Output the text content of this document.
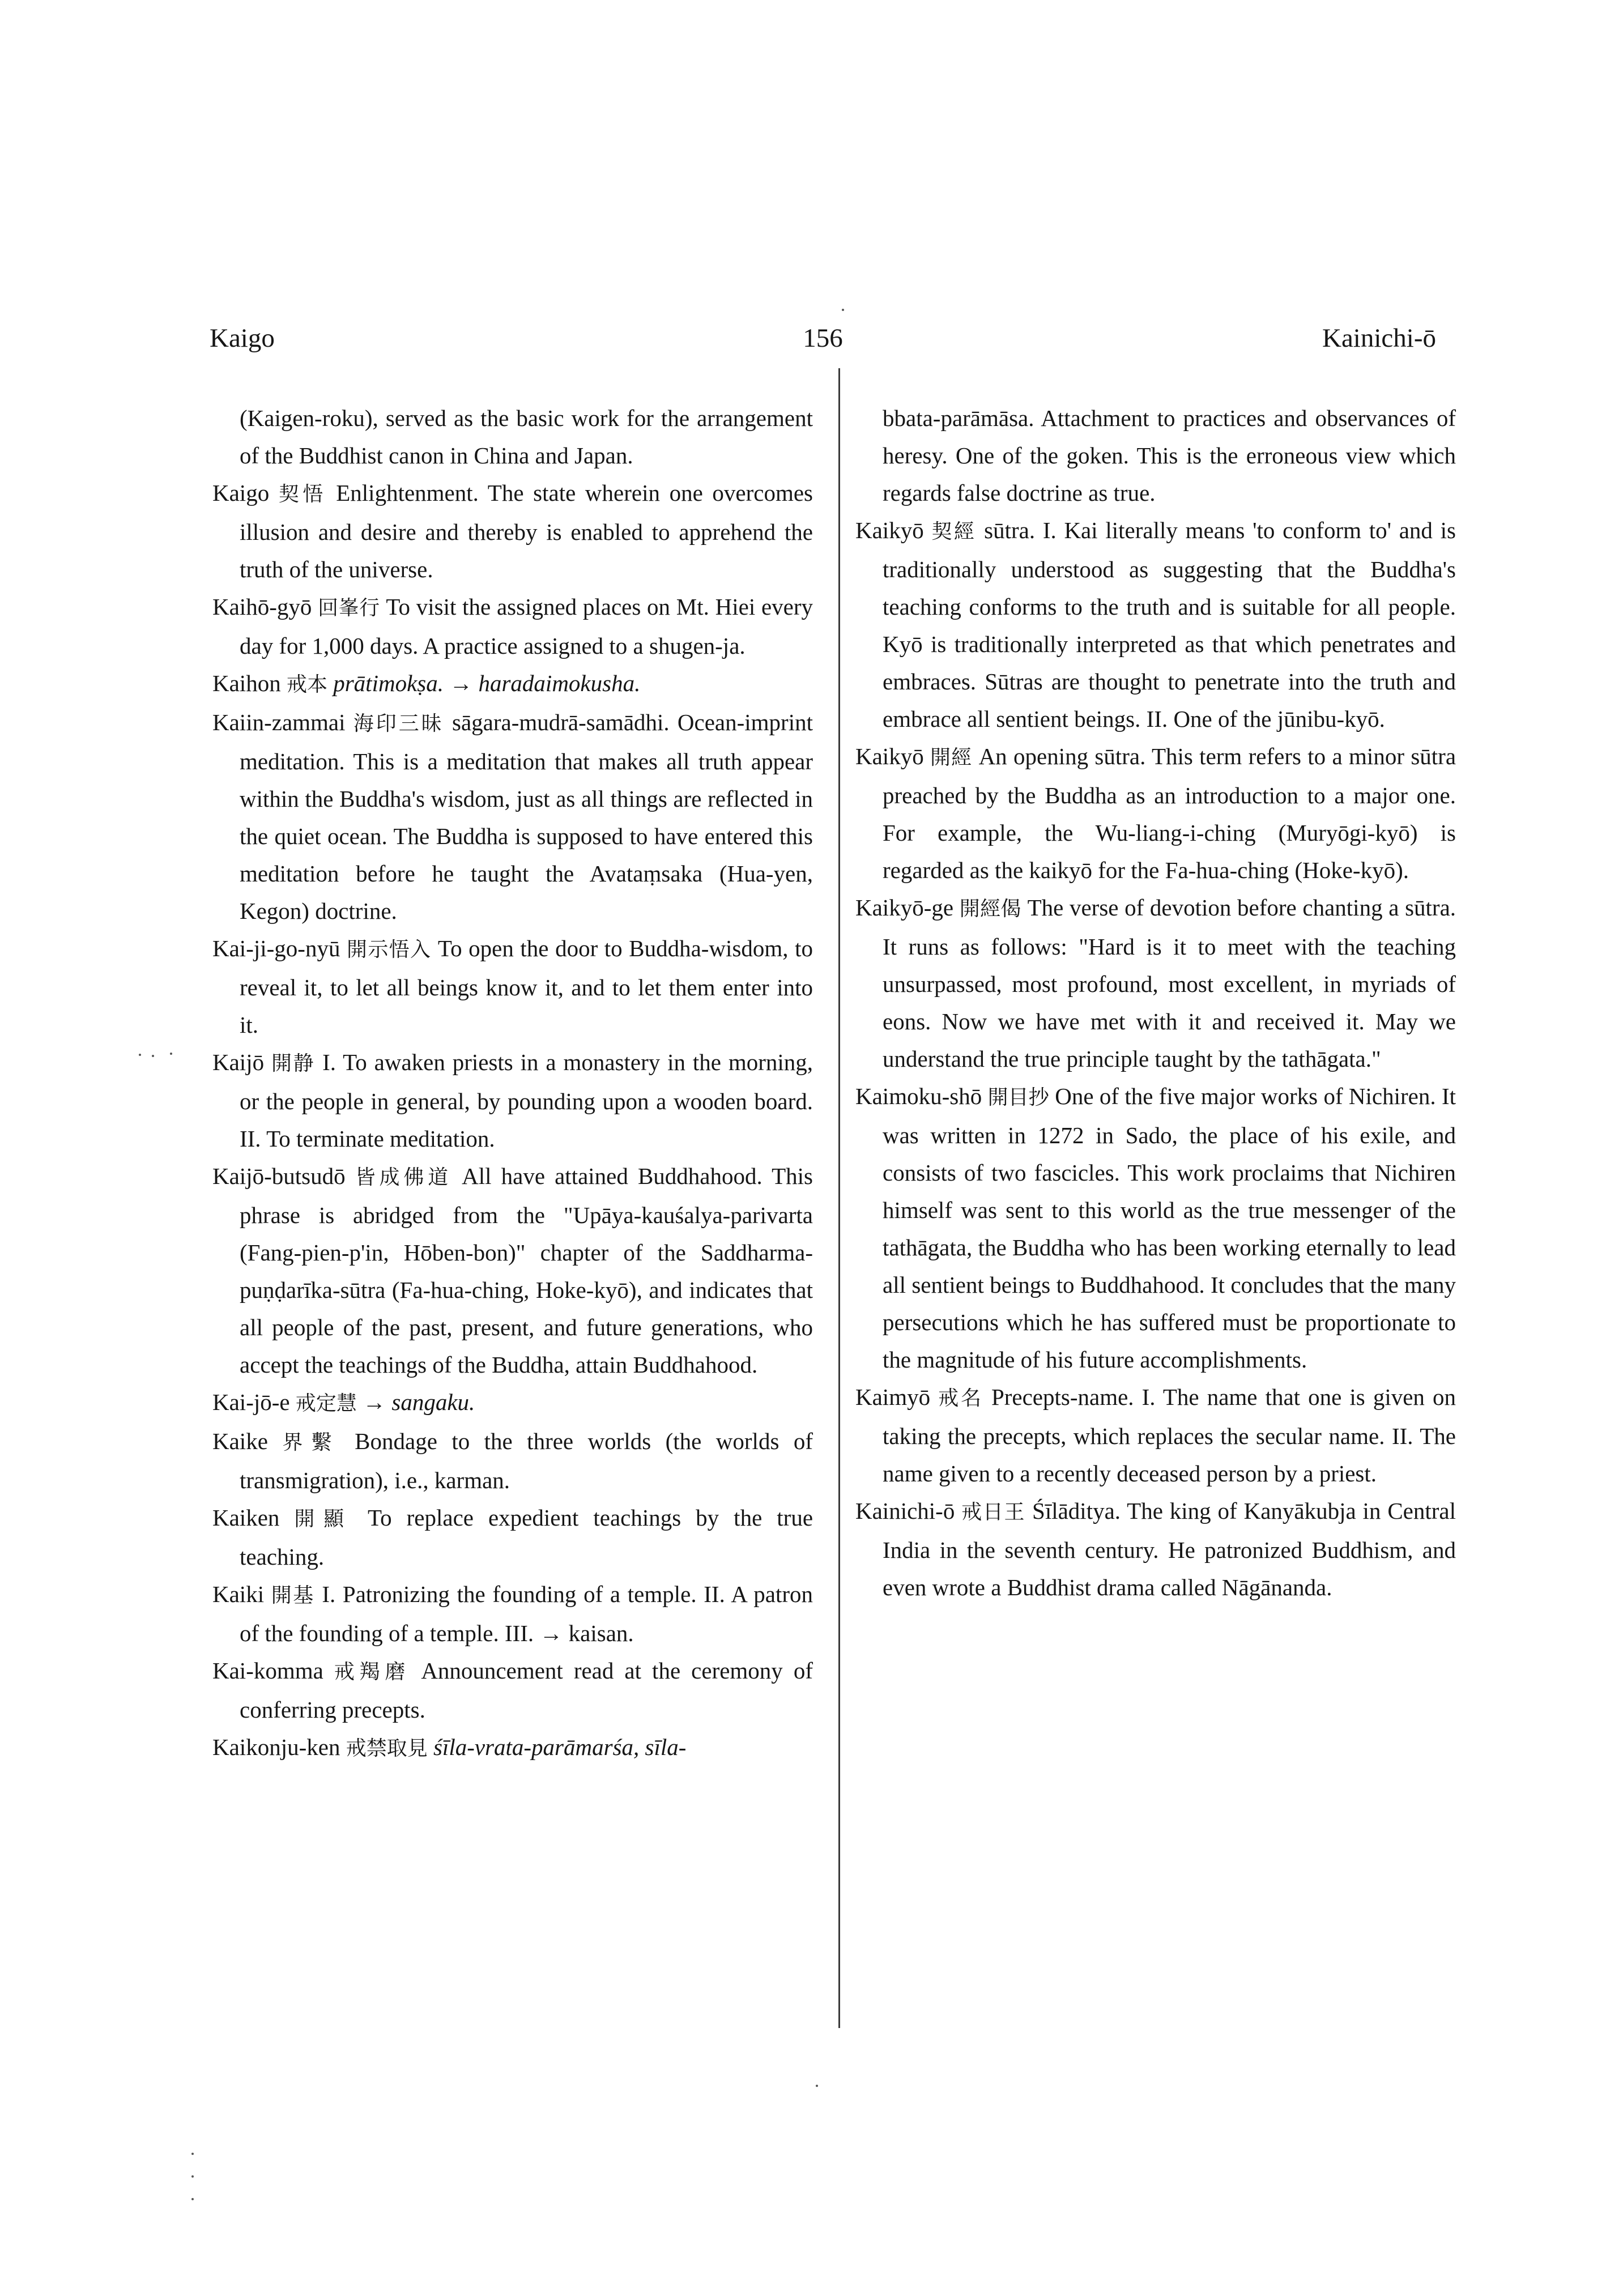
Kaigo	156	Kainichi-ō

(Kaigen-roku), served as the basic work for the arrangement of the Buddhist canon in China and Japan.

Kaigo 契悟 Enlightenment. The state wherein one overcomes illusion and desire and thereby is enabled to apprehend the truth of the universe.

Kaihō-gyō 回峯行 To visit the assigned places on Mt. Hiei every day for 1,000 days. A practice assigned to a shugen-ja.

Kaihon 戒本 prātimokṣa. → haradaimokusha.

Kaiin-zammai 海印三昧 sāgara-mudrā-samādhi. Ocean-imprint meditation. This is a meditation that makes all truth appear within the Buddha's wisdom, just as all things are reflected in the quiet ocean. The Buddha is supposed to have entered this meditation before he taught the Avataṃsaka (Hua-yen, Kegon) doctrine.

Kai-ji-go-nyū 開示悟入 To open the door to Buddha-wisdom, to reveal it, to let all beings know it, and to let them enter into it.

Kaijō 開静 I. To awaken priests in a monastery in the morning, or the people in general, by pounding upon a wooden board. II. To terminate meditation.

Kaijō-butsudō 皆成佛道 All have attained Buddhahood. This phrase is abridged from the "Upāya-kauśalya-parivarta (Fang-pien-p'in, Hōben-bon)" chapter of the Saddharma-puṇḍarīka-sūtra (Fa-hua-ching, Hoke-kyō), and indicates that all people of the past, present, and future generations, who accept the teachings of the Buddha, attain Buddhahood.

Kai-jō-e 戒定慧 → sangaku.

Kaike 界繫 Bondage to the three worlds (the worlds of transmigration), i.e., karman.

Kaiken 開顯 To replace expedient teachings by the true teaching.

Kaiki 開基 I. Patronizing the founding of a temple. II. A patron of the founding of a temple. III. → kaisan.

Kai-komma 戒羯磨 Announcement read at the ceremony of conferring precepts.

Kaikonju-ken 戒禁取見 śīla-vrata-parāmarśa, sīla-

bbata-parāmāsa. Attachment to practices and observances of heresy. One of the goken. This is the erroneous view which regards false doctrine as true.

Kaikyō 契經 sūtra. I. Kai literally means 'to conform to' and is traditionally understood as suggesting that the Buddha's teaching conforms to the truth and is suitable for all people. Kyō is traditionally interpreted as that which penetrates and embraces. Sūtras are thought to penetrate into the truth and embrace all sentient beings. II. One of the jūnibu-kyō.

Kaikyō 開經 An opening sūtra. This term refers to a minor sūtra preached by the Buddha as an introduction to a major one. For example, the Wu-liang-i-ching (Muryōgi-kyō) is regarded as the kaikyō for the Fa-hua-ching (Hoke-kyō).

Kaikyō-ge 開經偈 The verse of devotion before chanting a sūtra. It runs as follows: "Hard is it to meet with the teaching unsurpassed, most profound, most excellent, in myriads of eons. Now we have met with it and received it. May we understand the true principle taught by the tathāgata."

Kaimoku-shō 開目抄 One of the five major works of Nichiren. It was written in 1272 in Sado, the place of his exile, and consists of two fascicles. This work proclaims that Nichiren himself was sent to this world as the true messenger of the tathāgata, the Buddha who has been working eternally to lead all sentient beings to Buddhahood. It concludes that the many persecutions which he has suffered must be proportionate to the magnitude of his future accomplishments.

Kaimyō 戒名 Precepts-name. I. The name that one is given on taking the precepts, which replaces the secular name. II. The name given to a recently deceased person by a priest.

Kainichi-ō 戒日王 Śīlāditya. The king of Kanyākubja in Central India in the seventh century. He patronized Buddhism, and even wrote a Buddhist drama called Nāgānanda.
